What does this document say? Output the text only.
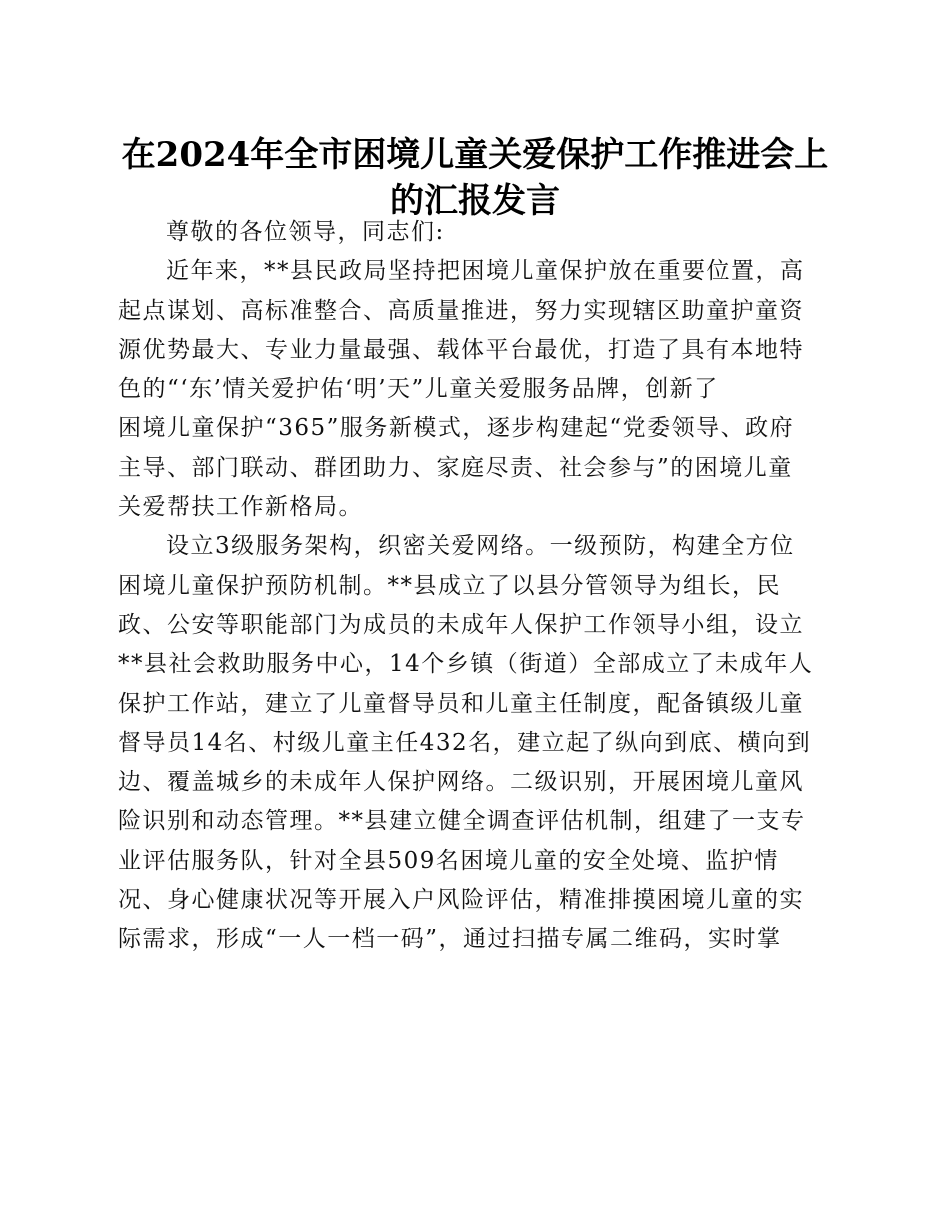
在2024年全市困境儿童关爱保护工作推进会上
的汇报发言

尊敬的各位领导，同志们:

近年来，**县民政局坚持把困境儿童保护放在重要位置，高
起点谋划、高标准整合、高质量推进，努力实现辖区助童护童资
源优势最大、专业力量最强、载体平台最优，打造了具有本地特
色的“‘东’情关爱护佑‘明’天”儿童关爱服务品牌，创新了
困境儿童保护“365”服务新模式，逐步构建起“党委领导、政府
主导、部门联动、群团助力、家庭尽责、社会参与”的困境儿童
关爱帮扶工作新格局。

设立3级服务架构，织密关爱网络。一级预防，构建全方位
困境儿童保护预防机制。**县成立了以县分管领导为组长，民
政、公安等职能部门为成员的未成年人保护工作领导小组，设立
**县社会救助服务中心，14个乡镇（街道）全部成立了未成年人
保护工作站，建立了儿童督导员和儿童主任制度，配备镇级儿童
督导员14名、村级儿童主任432名，建立起了纵向到底、横向到
边、覆盖城乡的未成年人保护网络。二级识别，开展困境儿童风
险识别和动态管理。**县建立健全调查评估机制，组建了一支专
业评估服务队，针对全县509名困境儿童的安全处境、监护情
况、身心健康状况等开展入户风险评估，精准排摸困境儿童的实
际需求，形成“一人一档一码”，通过扫描专属二维码，实时掌
